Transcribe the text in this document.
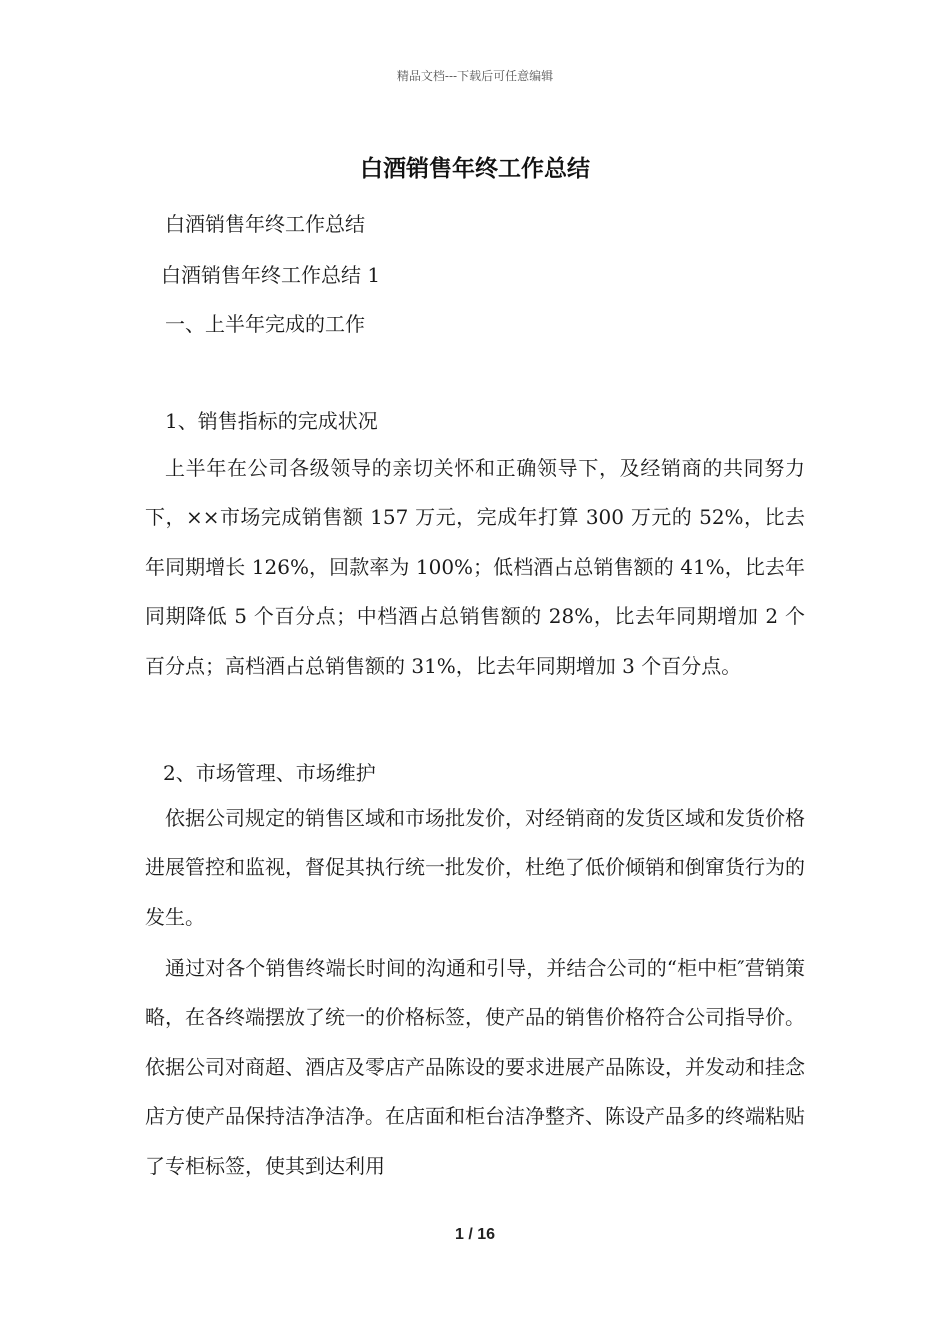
精品文档---下载后可任意编辑
白酒销售年终工作总结
白酒销售年终工作总结
白酒销售年终工作总结 1
一、上半年完成的工作
1、销售指标的完成状况
上半年在公司各级领导的亲切关怀和正确领导下，及经销商的共同努力下，××市场完成销售额 157 万元，完成年打算 300 万元的 52%，比去年同期增长 126%，回款率为 100%；低档酒占总销售额的 41%，比去年同期降低 5 个百分点；中档酒占总销售额的 28%，比去年同期增加 2 个百分点；高档酒占总销售额的 31%，比去年同期增加 3 个百分点。
2、市场管理、市场维护
依据公司规定的销售区域和市场批发价，对经销商的发货区域和发货价格进展管控和监视，督促其执行统一批发价，杜绝了低价倾销和倒窜货行为的发生。
通过对各个销售终端长时间的沟通和引导，并结合公司的“柜中柜″营销策略，在各终端摆放了统一的价格标签，使产品的销售价格符合公司指导价。依据公司对商超、酒店及零店产品陈设的要求进展产品陈设，并发动和挂念店方使产品保持洁净洁净。在店面和柜台洁净整齐、陈设产品多的终端粘贴了专柜标签，使其到达利用
1 / 16
